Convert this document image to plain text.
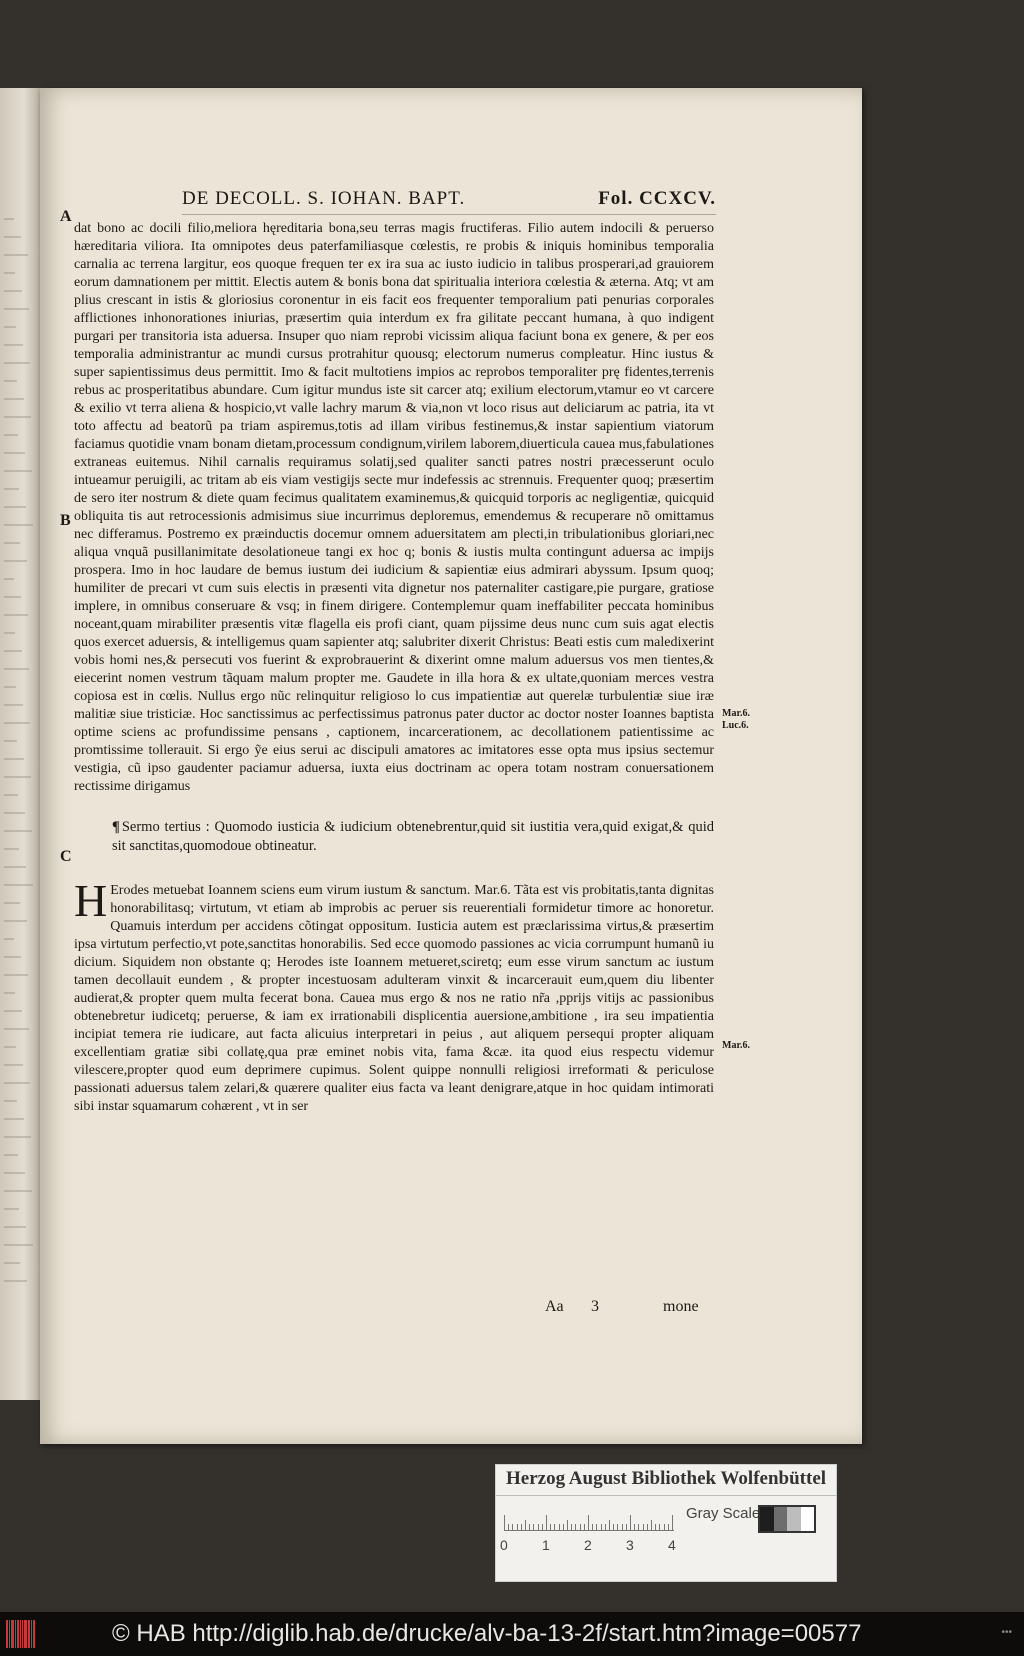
DE DECOLL. S. IOHAN. BAPT.	Fol. CCXCV.
A
B
C
Mar.6. Luc.6.
Mar.6.

dat bono ac docili filio,meliora hęreditaria bona,seu terras magis fructiferas. Filio autem indocili & peruerso hæreditaria viliora. Ita omnipotes deus paterfamiliasque cœlestis, re probis & iniquis hominibus temporalia carnalia ac terrena largitur, eos quoque frequen ter ex ira sua ac iusto iudicio in talibus prosperari,ad grauiorem eorum damnationem per mittit. Electis autem & bonis bona dat spiritualia interiora cœlestia & æterna. Atq; vt am plius crescant in istis & gloriosius coronentur in eis facit eos frequenter temporalium pati penurias corporales afflictiones inhonorationes iniurias, præsertim quia interdum ex fra gilitate peccant humana, à quo indigent purgari per transitoria ista aduersa. Insuper quo niam reprobi vicissim aliqua faciunt bona ex genere, & per eos temporalia administrantur ac mundi cursus protrahitur quousq; electorum numerus compleatur. Hinc iustus & super sapientissimus deus permittit. Imo & facit multotiens impios ac reprobos temporaliter prę fidentes,terrenis rebus ac prosperitatibus abundare. Cum igitur mundus iste sit carcer atq; exilium electorum,vtamur eo vt carcere & exilio vt terra aliena & hospicio,vt valle lachry marum & via,non vt loco risus aut deliciarum ac patria, ita vt toto affectu ad beatorũ pa triam aspiremus,totis ad illam viribus festinemus,& instar sapientium viatorum faciamus quotidie vnam bonam dietam,processum condignum,virilem laborem,diuerticula cauea mus,fabulationes extraneas euitemus. Nihil carnalis requiramus solatij,sed qualiter sancti patres nostri præcesserunt oculo intueamur peruigili, ac tritam ab eis viam vestigijs secte mur indefessis ac strennuis. Frequenter quoq; præsertim de sero iter nostrum & diete quam fecimus qualitatem examinemus,& quicquid torporis ac negligentiæ, quicquid obliquita tis aut retrocessionis admisimus siue incurrimus deploremus, emendemus & recuperare nõ omittamus nec differamus. Postremo ex præinductis docemur omnem aduersitatem am plecti,in tribulationibus gloriari,nec aliqua vnquã pusillanimitate desolationeue tangi ex hoc q; bonis & iustis multa contingunt aduersa ac impijs prospera. Imo in hoc laudare de bemus iustum dei iudicium & sapientiæ eius admirari abyssum. Ipsum quoq; humiliter de precari vt cum suis electis in præsenti vita dignetur nos paternaliter castigare,pie purgare, gratiose implere, in omnibus conseruare & vsq; in finem dirigere. Contemplemur quam ineffabiliter peccata hominibus noceant,quam mirabiliter præsentis vitæ flagella eis profi ciant, quam pijssime deus nunc cum suis agat electis quos exercet aduersis, & intelligemus quam sapienter atq; salubriter dixerit Christus: Beati estis cum maledixerint vobis homi nes,& persecuti vos fuerint & exprobrauerint & dixerint omne malum aduersus vos men tientes,& eiecerint nomen vestrum tãquam malum propter me. Gaudete in illa hora & ex ultate,quoniam merces vestra copiosa est in cœlis. Nullus ergo nũc relinquitur religioso lo cus impatientiæ aut querelæ turbulentiæ siue iræ malitiæ siue tristiciæ. Hoc sanctissimus ac perfectissimus patronus pater ductor ac doctor noster Ioannes baptista optime sciens ac profundissime pensans , captionem, incarcerationem, ac decollationem patientissime ac promtissime tollerauit. Si ergo ỹe eius serui ac discipuli amatores ac imitatores esse opta mus ipsius sectemur vestigia, cũ ipso gaudenter paciamur aduersa, iuxta eius doctrinam ac opera totam nostram conuersationem rectissime dirigamus

¶ Sermo tertius : Quomodo iusticia & iudicium obtenebrentur,quid sit iustitia vera,quid exigat,& quid sit sanctitas,quomodoue obtineatur.

H Erodes metuebat Ioannem sciens eum virum iustum & sanctum. Mar.6. Tãta est vis probitatis,tanta dignitas honorabilitasq; virtutum, vt etiam ab improbis ac peruer sis reuerentiali formidetur timore ac honoretur. Quamuis interdum per accidens cõtingat oppositum. Iusticia autem est præclarissima virtus,& præsertim ipsa virtutum perfectio,vt pote,sanctitas honorabilis. Sed ecce quomodo passiones ac vicia corrumpunt humanũ iu dicium. Siquidem non obstante q; Herodes iste Ioannem metueret,sciretq; eum esse virum sanctum ac iustum tamen decollauit eundem , & propter incestuosam adulteram vinxit & incarcerauit eum,quem diu libenter audierat,& propter quem multa fecerat bona. Cauea mus ergo & nos ne ratio nr̃a ,pprijs vitijs ac passionibus obtenebretur iudicetq; peruerse, & iam ex irrationabili displicentia auersione,ambitione , ira seu impatientia incipiat temera rie iudicare, aut facta alicuius interpretari in peius , aut aliquem persequi propter aliquam excellentiam gratiæ sibi collatę,qua præ eminet nobis vita, fama &cæ. ita quod eius respectu videmur vilescere,propter quod eum deprimere cupimus. Solent quippe nonnulli religiosi irreformati & periculose passionati aduersus talem zelari,& quærere qualiter eius facta va leant denigrare,atque in hoc quidam intimorati sibi instar squamarum cohærent , vt in ser

Aa 3	mone
Herzog August Bibliothek Wolfenbüttel
0 1 2 3 4
Gray Scale
© HAB http://diglib.hab.de/drucke/alv-ba-13-2f/start.htm?image=00577	•••
